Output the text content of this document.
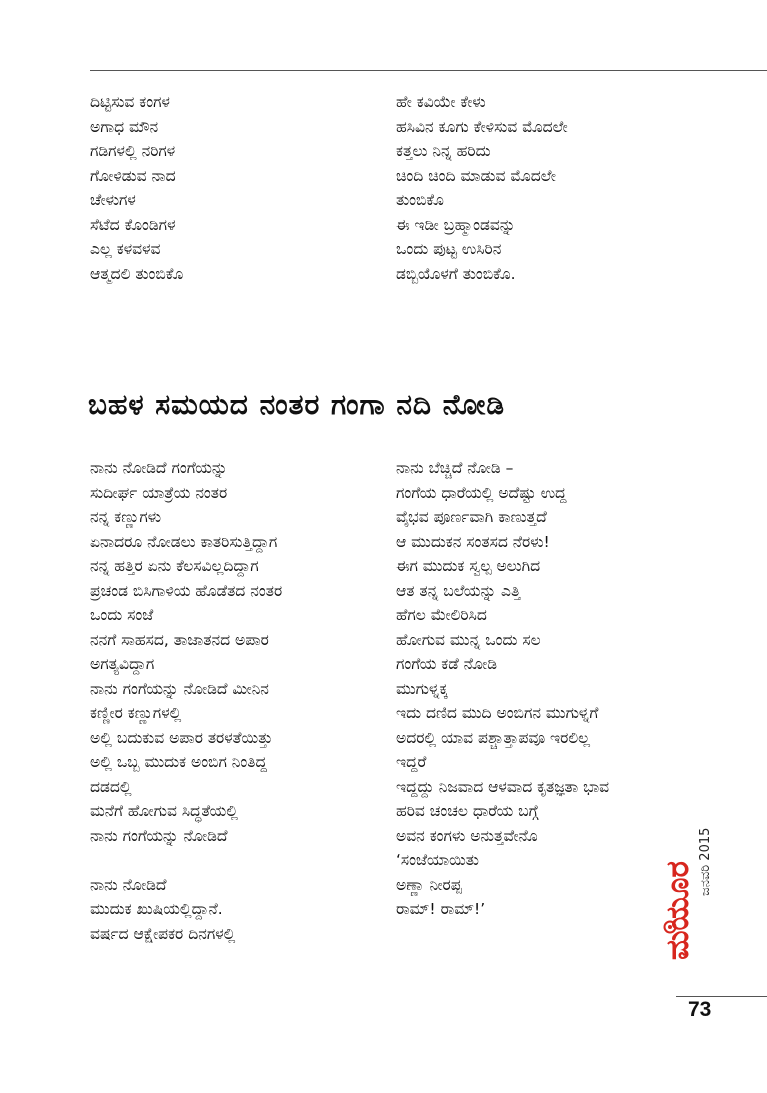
ದಿಟ್ಟಿಸುವ ಕಂಗಳ
ಅಗಾಧ ಮೌನ
ಗಡಿಗಳಲ್ಲಿ ನರಿಗಳ
ಗೋಳಿಡುವ ನಾದ
ಚೇಳುಗಳ
ಸೆಟೆದ ಕೊಂಡಿಗಳ
ಎಲ್ಲ ಕಳವಳವ
ಆತ್ಮದಲಿ ತುಂಬಿಕೊ
ಹೇ ಕವಿಯೇ ಕೇಳು
ಹಸಿವಿನ ಕೂಗು ಕೇಳಿಸುವ ಮೊದಲೇ
ಕತ್ತಲು ನಿನ್ನ ಹರಿದು
ಚಿಂದಿ ಚಿಂದಿ ಮಾಡುವ ಮೊದಲೇ
ತುಂಬಿಕೊ
ಈ ಇಡೀ ಬ್ರಹ್ಮಾಂಡವನ್ನು
ಒಂದು ಪುಟ್ಟ ಉಸಿರಿನ
ಡಬ್ಬಿಯೊಳಗೆ ತುಂಬಿಕೊ.
ಬಹಳ ಸಮಯದ ನಂತರ ಗಂಗಾ ನದಿ ನೋಡಿ
ನಾನು ನೋಡಿದೆ ಗಂಗೆಯನ್ನು
ಸುದೀರ್ಘ ಯಾತ್ರೆಯ ನಂತರ
ನನ್ನ ಕಣ್ಣುಗಳು
ಏನಾದರೂ ನೋಡಲು ಕಾತರಿಸುತ್ತಿದ್ದಾಗ
ನನ್ನ ಹತ್ತಿರ ಏನು ಕೆಲಸವಿಲ್ಲದಿದ್ದಾಗ
ಪ್ರಚಂಡ ಬಿಸಿಗಾಳಿಯ ಹೊಡೆತದ ನಂತರ
ಒಂದು ಸಂಜೆ
ನನಗೆ ಸಾಹಸದ, ತಾಜಾತನದ ಅಪಾರ
ಅಗತ್ಯವಿದ್ದಾಗ
ನಾನು ಗಂಗೆಯನ್ನು ನೋಡಿದೆ ಮೀನಿನ
ಕಣ್ಣೀರ ಕಣ್ಣುಗಳಲ್ಲಿ
ಅಲ್ಲಿ ಬದುಕುವ ಅಪಾರ ತರಳತೆಯಿತ್ತು
ಅಲ್ಲಿ ಒಬ್ಬ ಮುದುಕ ಅಂಬಿಗ ನಿಂತಿದ್ದ
ದಡದಲ್ಲಿ
ಮನೆಗೆ ಹೋಗುವ ಸಿದ್ಧತೆಯಲ್ಲಿ
ನಾನು ಗಂಗೆಯನ್ನು ನೋಡಿದೆ
ನಾನು ನೋಡಿದೆ
ಮುದುಕ ಖುಷಿಯಲ್ಲಿದ್ದಾನೆ.
ವರ್ಷದ ಆಕ್ಷೇಪಕರ ದಿನಗಳಲ್ಲಿ
ನಾನು ಬೆಚ್ಚಿದೆ ನೋಡಿ –
ಗಂಗೆಯ ಧಾರೆಯಲ್ಲಿ ಅದೆಷ್ಟು ಉದ್ದ
ವೈಭವ ಪೂರ್ಣವಾಗಿ ಕಾಣುತ್ತದೆ
ಆ ಮುದುಕನ ಸಂತಸದ ನೆರಳು!
ಈಗ ಮುದುಕ ಸ್ವಲ್ಪ ಅಲುಗಿದ
ಆತ ತನ್ನ ಬಲೆಯನ್ನು ಎತ್ತಿ
ಹೆಗಲ ಮೇಲಿರಿಸಿದ
ಹೋಗುವ ಮುನ್ನ ಒಂದು ಸಲ
ಗಂಗೆಯ ಕಡೆ ನೋಡಿ
ಮುಗುಳ್ನಕ್ಕ
ಇದು ದಣಿದ ಮುದಿ ಅಂಬಿಗನ ಮುಗುಳ್ನಗೆ
ಅದರಲ್ಲಿ ಯಾವ ಪಶ್ಚಾತ್ತಾಪವೂ ಇರಲಿಲ್ಲ
ಇದ್ದರೆ
ಇದ್ದದ್ದು ನಿಜವಾದ ಆಳವಾದ ಕೃತಜ್ಞತಾ ಭಾವ
ಹರಿವ ಚಂಚಲ ಧಾರೆಯ ಬಗ್ಗೆ
ಅವನ ಕಂಗಳು ಅನುತ್ತವೇನೊ
‘ಸಂಜೆಯಾಯಿತು
ಅಣ್ಣಾ ನೀರಪ್ಪ
ರಾಮ್! ರಾಮ್!’	ಮಯೂರ ಜನವರಿ 2015
73
